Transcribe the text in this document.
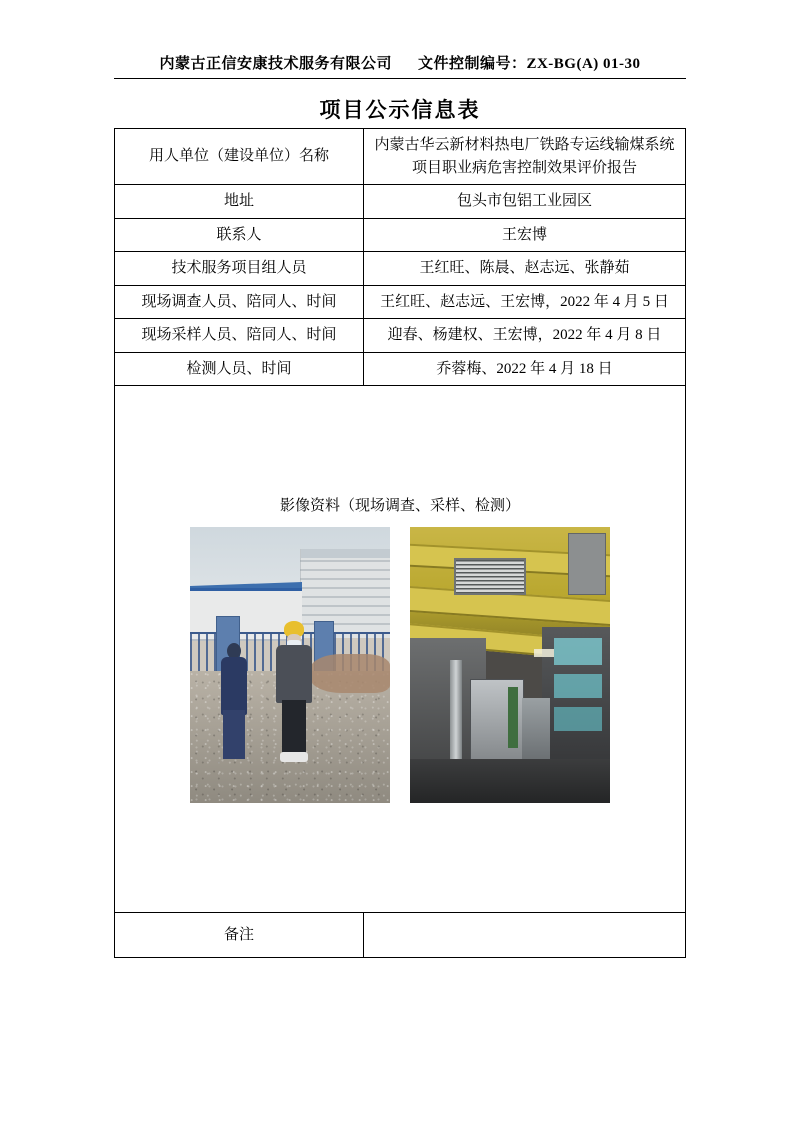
内蒙古正信安康技术服务有限公司 文件控制编号：ZX-BG(A) 01-30
项目公示信息表
用人单位（建设单位）名称	内蒙古华云新材料热电厂铁路专运线输煤系统项目职业病危害控制效果评价报告
地址	包头市包铝工业园区
联系人	王宏博
技术服务项目组人员	王红旺、陈晨、赵志远、张静茹
现场调查人员、陪同人、时间	王红旺、赵志远、王宏博，2022 年 4 月 5 日
现场采样人员、陪同人、时间	迎春、杨建权、王宏博，2022 年 4 月 8 日
检测人员、时间	乔蓉梅、2022 年 4 月 18 日

影像资料（现场调查、采样、检测）	

备注	
